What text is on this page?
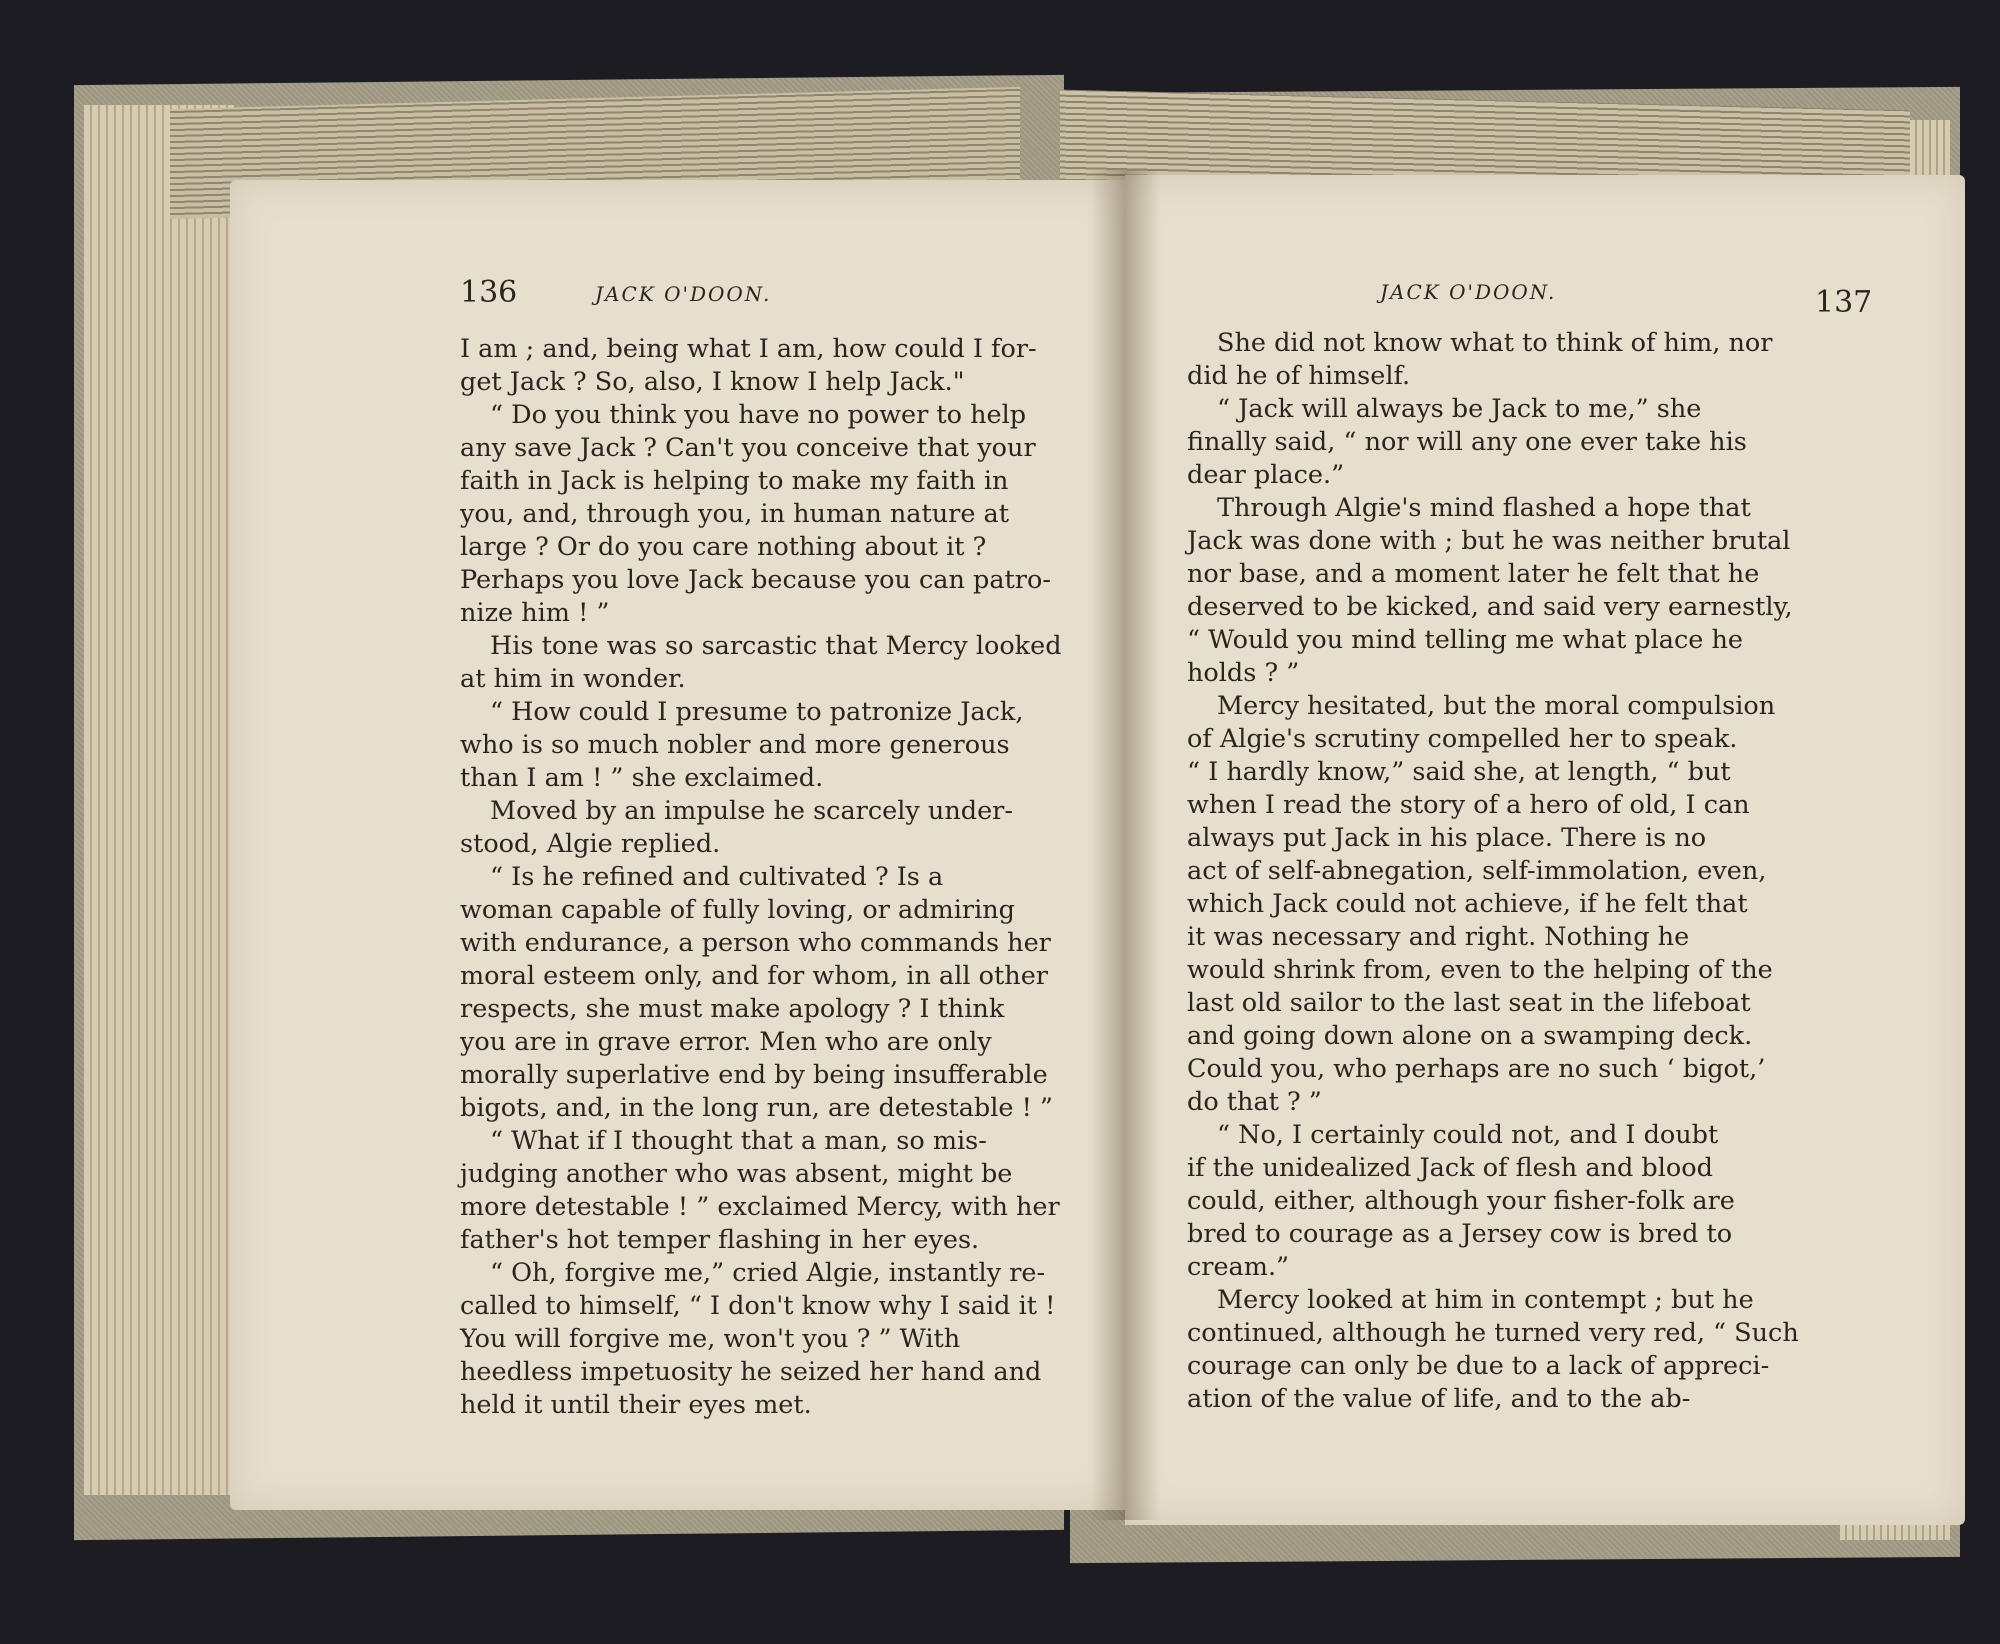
136	JACK O'DOON.
I am ; and, being what I am, how could I for-
get Jack ? So, also, I know I help Jack."
“ Do you think you have no power to help
any save Jack ? Can't you conceive that your
faith in Jack is helping to make my faith in
you, and, through you, in human nature at
large ? Or do you care nothing about it ?
Perhaps you love Jack because you can patro-
nize him ! ”
His tone was so sarcastic that Mercy looked
at him in wonder.
“ How could I presume to patronize Jack,
who is so much nobler and more generous
than I am ! ” she exclaimed.
Moved by an impulse he scarcely under-
stood, Algie replied.
“ Is he refined and cultivated ? Is a
woman capable of fully loving, or admiring
with endurance, a person who commands her
moral esteem only, and for whom, in all other
respects, she must make apology ? I think
you are in grave error. Men who are only
morally superlative end by being insufferable
bigots, and, in the long run, are detestable ! ”
“ What if I thought that a man, so mis-
judging another who was absent, might be
more detestable ! ” exclaimed Mercy, with her
father's hot temper flashing in her eyes.
“ Oh, forgive me,” cried Algie, instantly re-
called to himself, “ I don't know why I said it !
You will forgive me, won't you ? ” With
heedless impetuosity he seized her hand and
held it until their eyes met.
JACK O'DOON.	137
She did not know what to think of him, nor
did he of himself.
“ Jack will always be Jack to me,” she
finally said, “ nor will any one ever take his
dear place.”
Through Algie's mind flashed a hope that
Jack was done with ; but he was neither brutal
nor base, and a moment later he felt that he
deserved to be kicked, and said very earnestly,
“ Would you mind telling me what place he
holds ? ”
Mercy hesitated, but the moral compulsion
of Algie's scrutiny compelled her to speak.
“ I hardly know,” said she, at length, “ but
when I read the story of a hero of old, I can
always put Jack in his place. There is no
act of self-abnegation, self-immolation, even,
which Jack could not achieve, if he felt that
it was necessary and right. Nothing he
would shrink from, even to the helping of the
last old sailor to the last seat in the lifeboat
and going down alone on a swamping deck.
Could you, who perhaps are no such ‘ bigot,’
do that ? ”
“ No, I certainly could not, and I doubt
if the unidealized Jack of flesh and blood
could, either, although your fisher-folk are
bred to courage as a Jersey cow is bred to
cream.”
Mercy looked at him in contempt ; but he
continued, although he turned very red, “ Such
courage can only be due to a lack of appreci-
ation of the value of life, and to the ab-
